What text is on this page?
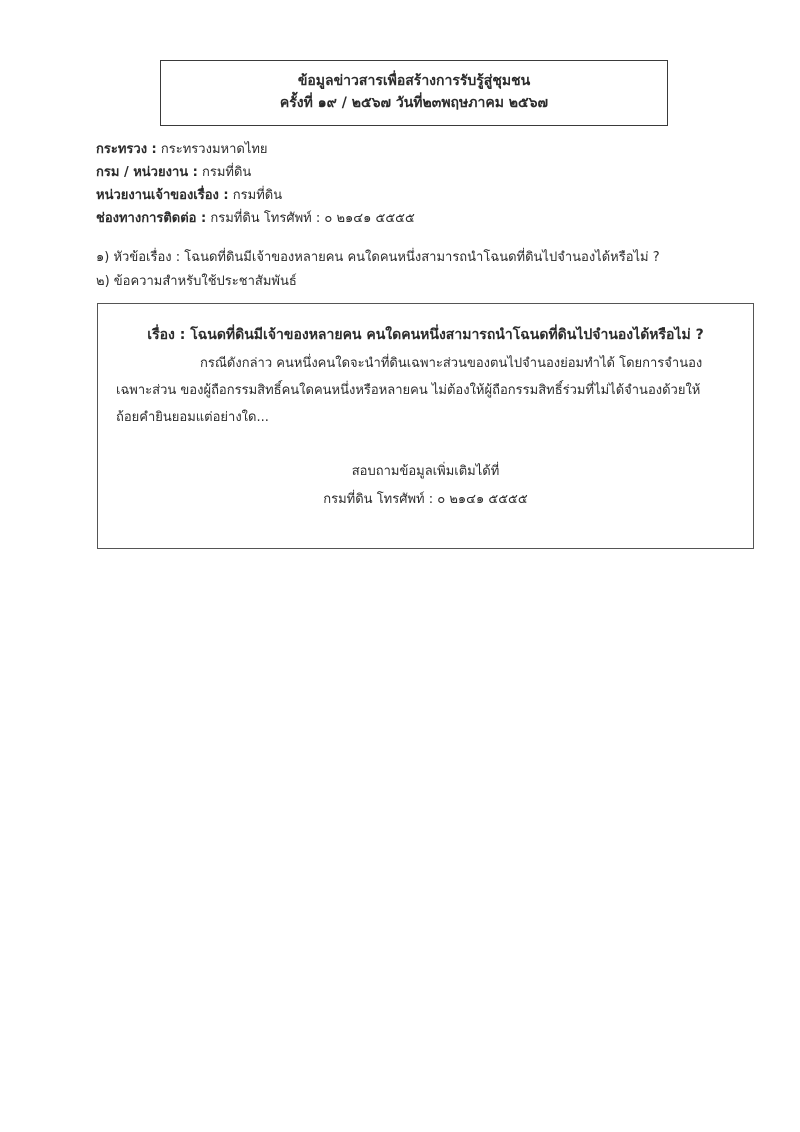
ข้อมูลข่าวสารเพื่อสร้างการรับรู้สู่ชุมชน
ครั้งที่ ๑๙ / ๒๕๖๗ วันที่๒๓พฤษภาคม ๒๕๖๗
กระทรวง : กระทรวงมหาดไทย
กรม / หน่วยงาน : กรมที่ดิน
หน่วยงานเจ้าของเรื่อง : กรมที่ดิน
ช่องทางการติดต่อ : กรมที่ดิน โทรศัพท์ : ๐ ๒๑๔๑ ๕๕๕๕
๑) หัวข้อเรื่อง : โฉนดที่ดินมีเจ้าของหลายคน คนใดคนหนึ่งสามารถนำโฉนดที่ดินไปจำนองได้หรือไม่ ?
๒) ข้อความสำหรับใช้ประชาสัมพันธ์
เรื่อง : โฉนดที่ดินมีเจ้าของหลายคน คนใดคนหนึ่งสามารถนำโฉนดที่ดินไปจำนองได้หรือไม่ ?
กรณีดังกล่าว คนหนึ่งคนใดจะนำที่ดินเฉพาะส่วนของตนไปจำนองย่อมทำได้ โดยการจำนอง
เฉพาะส่วน ของผู้ถือกรรมสิทธิ์คนใดคนหนึ่งหรือหลายคน ไม่ต้องให้ผู้ถือกรรมสิทธิ์ร่วมที่ไม่ได้จำนองด้วยให้
ถ้อยคำยินยอมแต่อย่างใด...
สอบถามข้อมูลเพิ่มเติมได้ที่
กรมที่ดิน โทรศัพท์ : ๐ ๒๑๔๑ ๕๕๕๕
